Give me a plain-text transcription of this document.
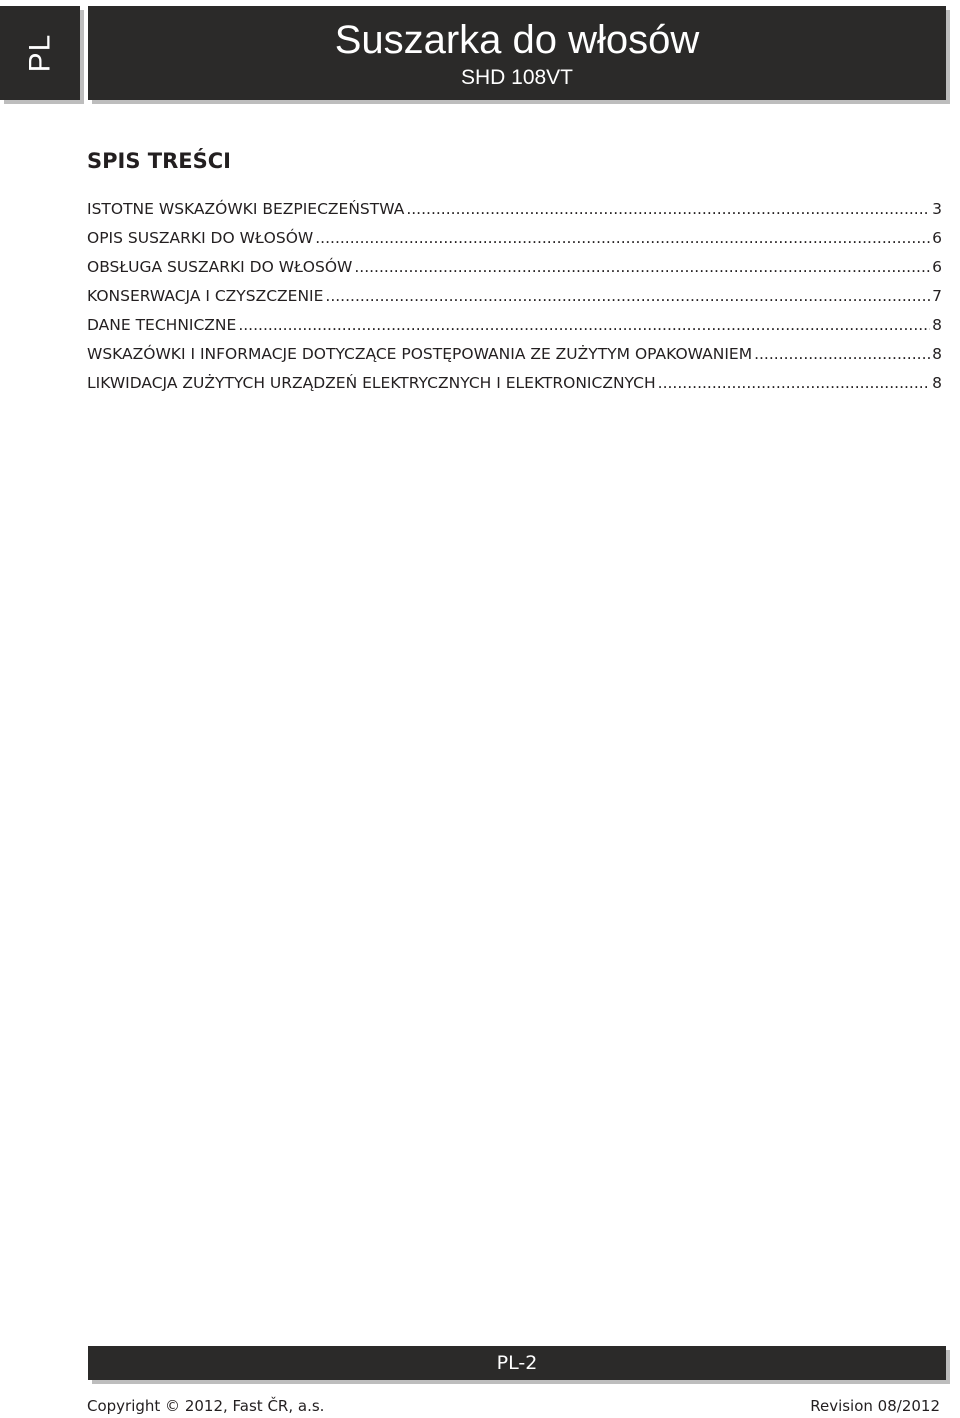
PL	Suszarka do włosów
SHD 108VT
SPIS TREŚCI
ISTOTNE WSKAZÓWKI BEZPIECZEŃSTWA .....	3
OPIS SUSZARKI DO WŁOSÓW .....	6
OBSŁUGA SUSZARKI DO WŁOSÓW .....	6
KONSERWACJA I CZYSZCZENIE .....	7
DANE TECHNICZNE .....	8
WSKAZÓWKI I INFORMACJE DOTYCZĄCE POSTĘPOWANIA ZE ZUŻYTYM OPAKOWANIEM .....	8
LIKWIDACJA ZUŻYTYCH URZĄDZEŃ ELEKTRYCZNYCH I ELEKTRONICZNYCH .....	8
PL-2
Copyright © 2012, Fast ČR, a.s.	Revision 08/2012
